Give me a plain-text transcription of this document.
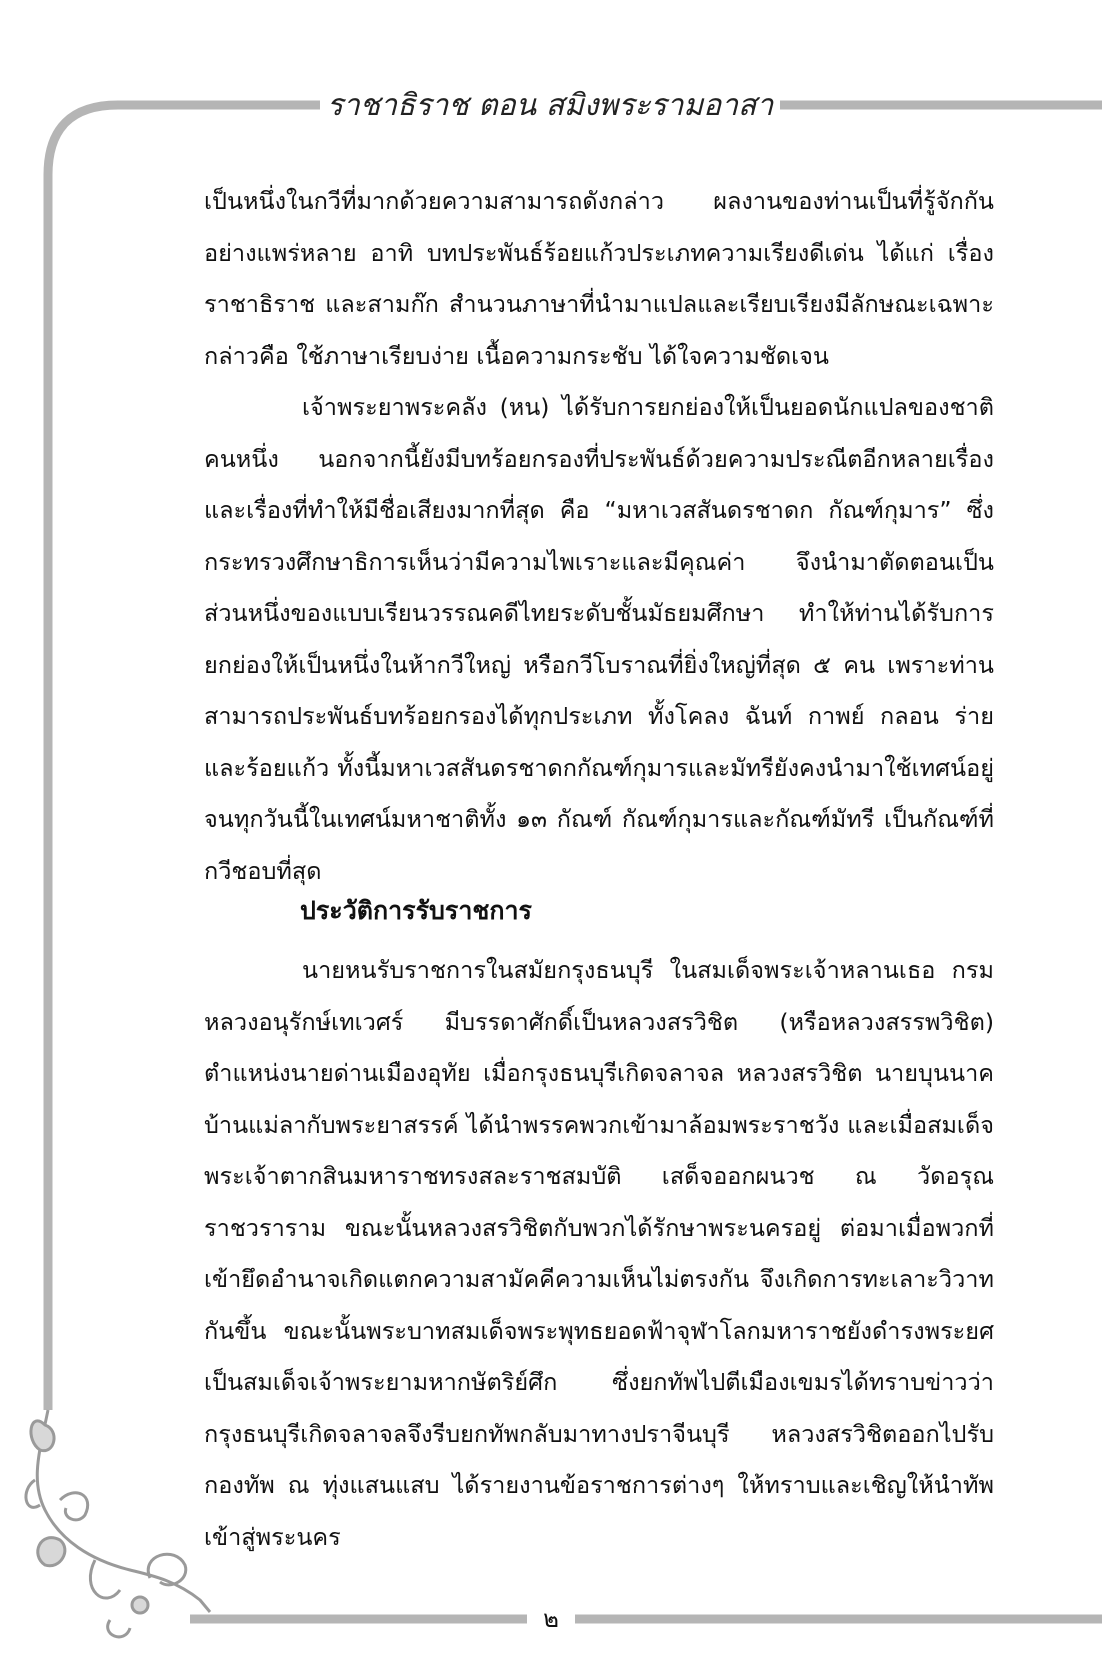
ราชาธิราช ตอน สมิงพระรามอาสา

เป็นหนึ่งในกวีที่มากด้วยความสามารถดังกล่าว ผลงานของท่านเป็นที่รู้จักกันอย่างแพร่หลาย อาทิ บทประพันธ์ร้อยแก้วประเภทความเรียงดีเด่น ได้แก่ เรื่อง ราชาธิราช และสามก๊ก สำนวนภาษาที่นำมาแปลและเรียบเรียงมีลักษณะเฉพาะ กล่าวคือ ใช้ภาษาเรียบง่าย เนื้อความกระชับ ได้ใจความชัดเจน

เจ้าพระยาพระคลัง (หน) ได้รับการยกย่องให้เป็นยอดนักแปลของชาติคนหนึ่ง นอกจากนี้ยังมีบทร้อยกรองที่ประพันธ์ด้วยความประณีตอีกหลายเรื่อง และเรื่องที่ทำให้มีชื่อเสียงมากที่สุด คือ “มหาเวสสันดรชาดก กัณฑ์กุมาร” ซึ่งกระทรวงศึกษาธิการเห็นว่ามีความไพเราะและมีคุณค่า จึงนำมาตัดตอนเป็นส่วนหนึ่งของแบบเรียนวรรณคดีไทยระดับชั้นมัธยมศึกษา ทำให้ท่านได้รับการยกย่องให้เป็นหนึ่งในห้ากวีใหญ่ หรือกวีโบราณที่ยิ่งใหญ่ที่สุด ๕ คน เพราะท่านสามารถประพันธ์บทร้อยกรองได้ทุกประเภท ทั้งโคลง ฉันท์ กาพย์ กลอน ร่าย และร้อยแก้ว ทั้งนี้มหาเวสสันดรชาดกกัณฑ์กุมารและมัทรียังคงนำมาใช้เทศน์อยู่จนทุกวันนี้ในเทศน์มหาชาติทั้ง ๑๓ กัณฑ์ กัณฑ์กุมารและกัณฑ์มัทรี เป็นกัณฑ์ที่กวีชอบที่สุด

ประวัติการรับราชการ

นายหนรับราชการในสมัยกรุงธนบุรี ในสมเด็จพระเจ้าหลานเธอ กรมหลวงอนุรักษ์เทเวศร์ มีบรรดาศักดิ์เป็นหลวงสรวิชิต (หรือหลวงสรรพวิชิต) ตำแหน่งนายด่านเมืองอุทัย เมื่อกรุงธนบุรีเกิดจลาจล หลวงสรวิชิต นายบุนนาค บ้านแม่ลากับพระยาสรรค์ ได้นำพรรคพวกเข้ามาล้อมพระราชวัง และเมื่อสมเด็จพระเจ้าตากสินมหาราชทรงสละราชสมบัติ เสด็จออกผนวช ณ วัดอรุณราชวราราม ขณะนั้นหลวงสรวิชิตกับพวกได้รักษาพระนครอยู่ ต่อมาเมื่อพวกที่เข้ายึดอำนาจเกิดแตกความสามัคคีความเห็นไม่ตรงกัน จึงเกิดการทะเลาะวิวาทกันขึ้น ขณะนั้นพระบาทสมเด็จพระพุทธยอดฟ้าจุฬาโลกมหาราชยังดำรงพระยศเป็นสมเด็จเจ้าพระยามหากษัตริย์ศึก ซึ่งยกทัพไปตีเมืองเขมรได้ทราบข่าวว่ากรุงธนบุรีเกิดจลาจลจึงรีบยกทัพกลับมาทางปราจีนบุรี หลวงสรวิชิตออกไปรับกองทัพ ณ ทุ่งแสนแสบ ได้รายงานข้อราชการต่างๆ ให้ทราบและเชิญให้นำทัพเข้าสู่พระนคร

๒
